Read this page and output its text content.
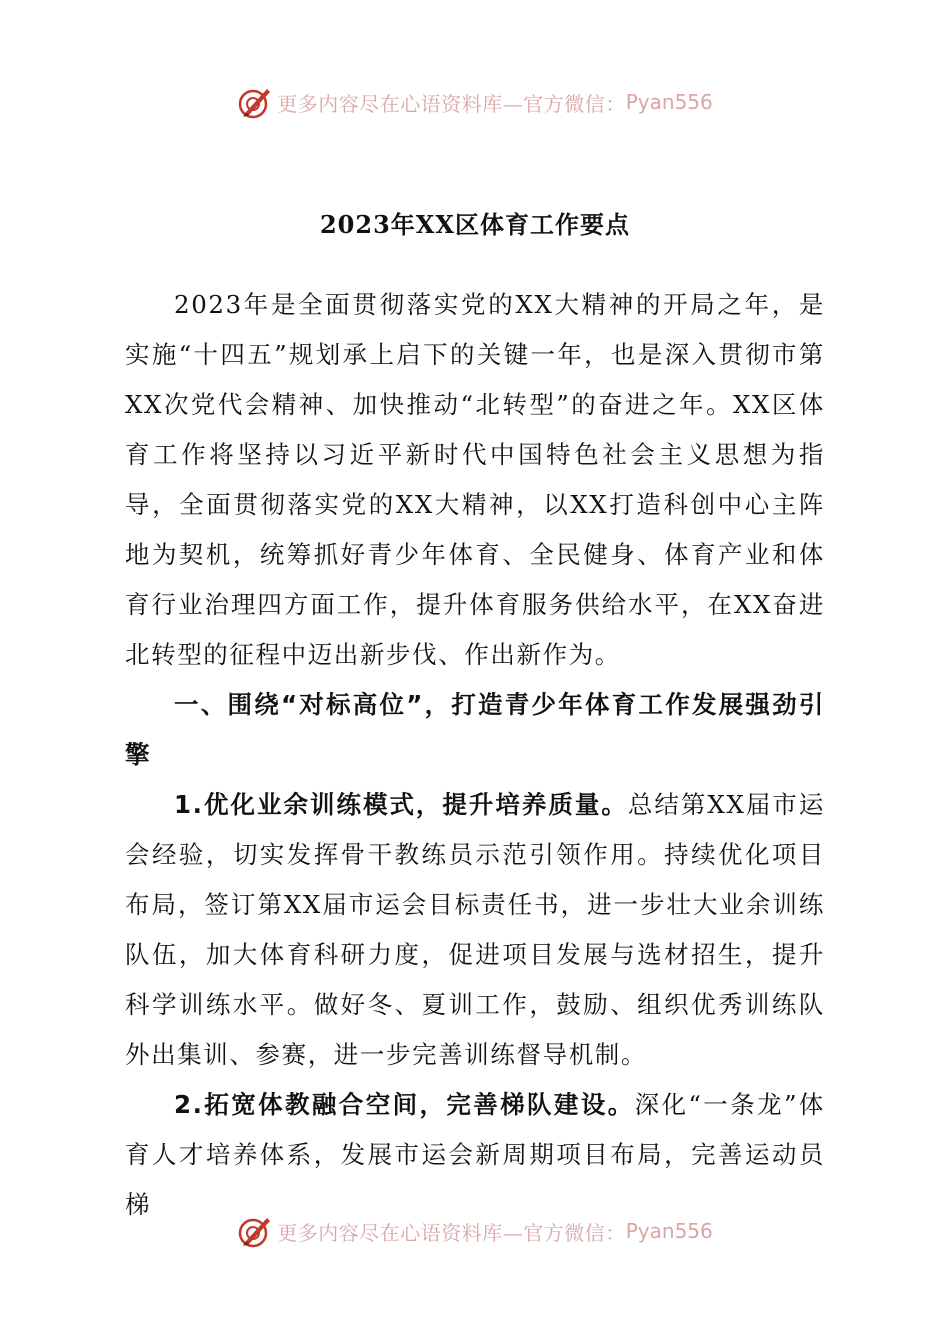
更多内容尽在心语资料库—官方微信： Pyan556
2023年XX区体育工作要点

2023年是全面贯彻落实党的XX大精神的开局之年，是实施“十四五”规划承上启下的关键一年，也是深入贯彻市第XX次党代会精神、加快推动“北转型”的奋进之年。XX区体育工作将坚持以习近平新时代中国特色社会主义思想为指导，全面贯彻落实党的XX大精神，以XX打造科创中心主阵地为契机，统筹抓好青少年体育、全民健身、体育产业和体育行业治理四方面工作，提升体育服务供给水平，在XX奋进北转型的征程中迈出新步伐、作出新作为。

一、围绕“对标高位”，打造青少年体育工作发展强劲引擎

1.优化业余训练模式，提升培养质量。总结第XX届市运会经验，切实发挥骨干教练员示范引领作用。持续优化项目布局，签订第XX届市运会目标责任书，进一步壮大业余训练队伍，加大体育科研力度，促进项目发展与选材招生，提升科学训练水平。做好冬、夏训工作，鼓励、组织优秀训练队外出集训、参赛，进一步完善训练督导机制。

2.拓宽体教融合空间，完善梯队建设。深化“一条龙”体育人才培养体系，发展市运会新周期项目布局，完善运动员梯

更多内容尽在心语资料库—官方微信： Pyan556
